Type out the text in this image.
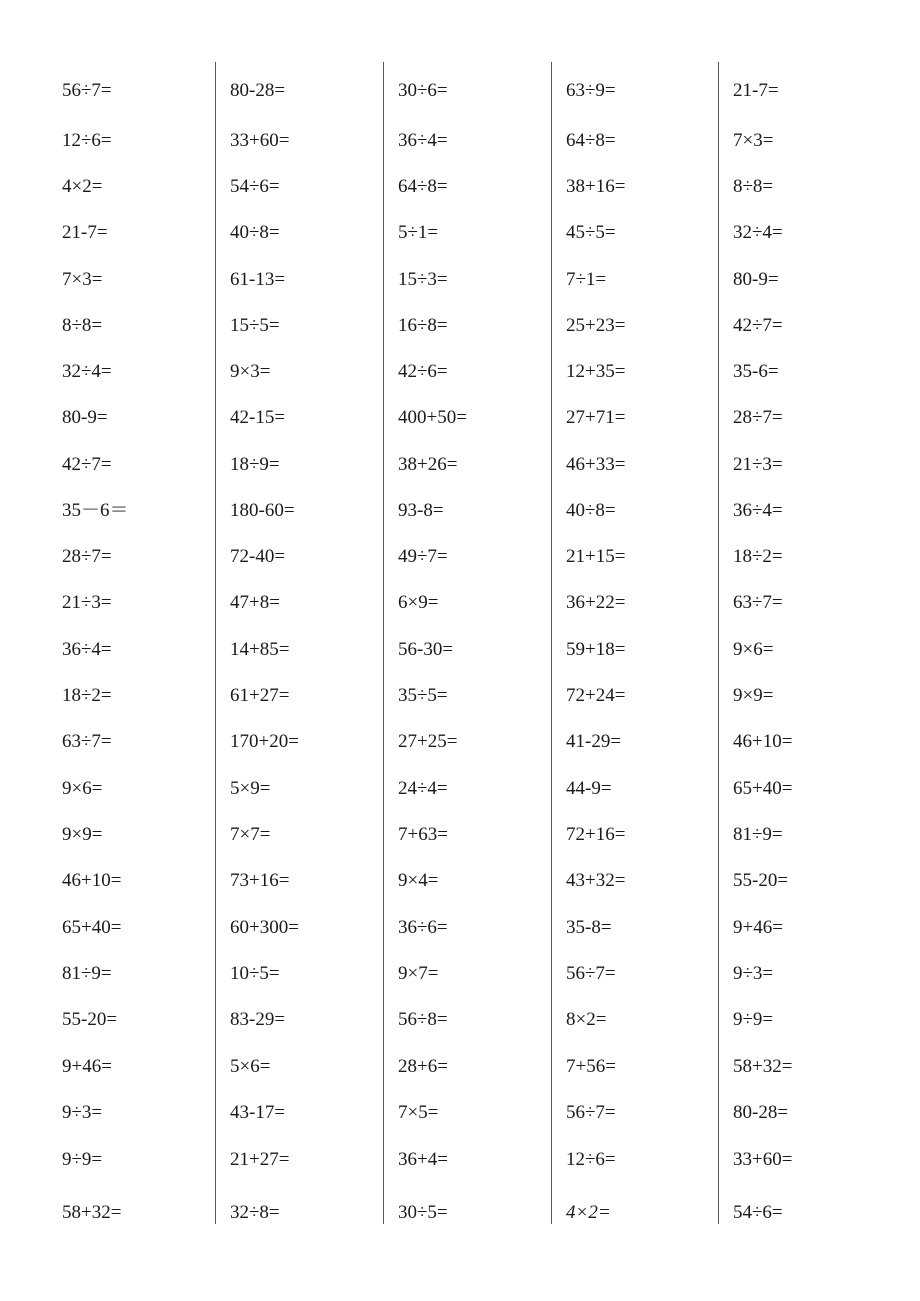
56÷7=
12÷6=
4×2=
21-7=
7×3=
8÷8=
32÷4=
80-9=
42÷7=
35－6＝
28÷7=
21÷3=
36÷4=
18÷2=
63÷7=
9×6=
9×9=
46+10=
65+40=
81÷9=
55-20=
9+46=
9÷3=
9÷9=
58+32=
80-28=
33+60=
54÷6=
40÷8=
61-13=
15÷5=
9×3=
42-15=
18÷9=
180-60=
72-40=
47+8=
14+85=
61+27=
170+20=
5×9=
7×7=
73+16=
60+300=
10÷5=
83-29=
5×6=
43-17=
21+27=
32÷8=
30÷6=
36÷4=
64÷8=
5÷1=
15÷3=
16÷8=
42÷6=
400+50=
38+26=
93-8=
49÷7=
6×9=
56-30=
35÷5=
27+25=
24÷4=
7+63=
9×4=
36÷6=
9×7=
56÷8=
28+6=
7×5=
36+4=
30÷5=
63÷9=
64÷8=
38+16=
45÷5=
7÷1=
25+23=
12+35=
27+71=
46+33=
40÷8=
21+15=
36+22=
59+18=
72+24=
41-29=
44-9=
72+16=
43+32=
35-8=
56÷7=
8×2=
7+56=
56÷7=
12÷6=
4×2=
21-7=
7×3=
8÷8=
32÷4=
80-9=
42÷7=
35-6=
28÷7=
21÷3=
36÷4=
18÷2=
63÷7=
9×6=
9×9=
46+10=
65+40=
81÷9=
55-20=
9+46=
9÷3=
9÷9=
58+32=
80-28=
33+60=
54÷6=
